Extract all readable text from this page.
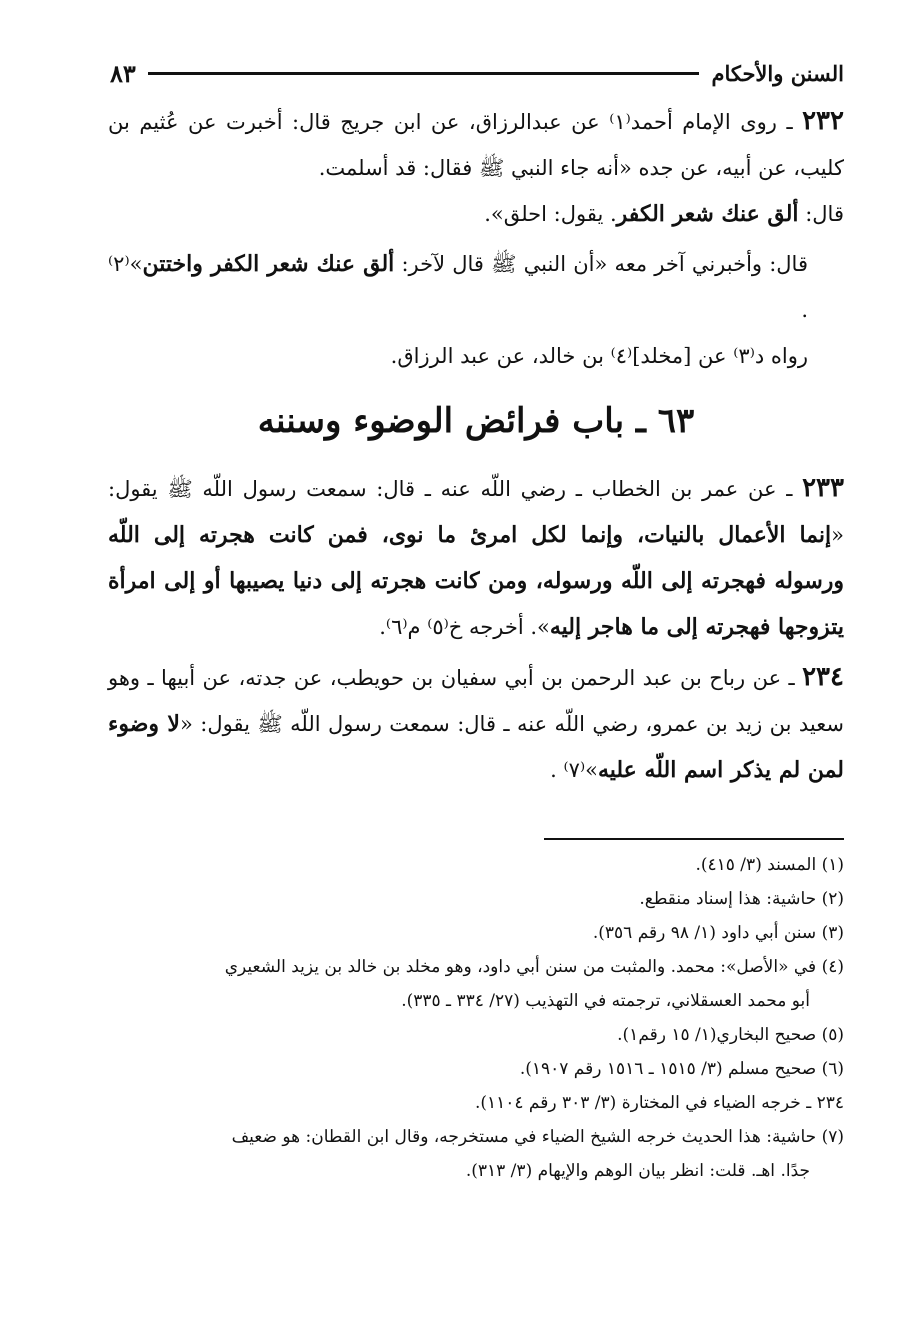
السنن والأحكام
٨٣

٢٣٢ ـ روى الإمام أحمد⁽١⁾ عن عبدالرزاق، عن ابن جريج قال: أخبرت عن عُثيم بن كليب، عن أبيه، عن جده «أنه جاء النبي ﷺ فقال: قد أسلمت.

قال: ألق عنك شعر الكفر. يقول: احلق».

قال: وأخبرني آخر معه «أن النبي ﷺ قال لآخر: ألق عنك شعر الكفر واختتن»⁽٢⁾ .

رواه د⁽٣⁾ عن [مخلد]⁽٤⁾ بن خالد، عن عبد الرزاق.

٦٣ ـ باب فرائض الوضوء وسننه

٢٣٣ ـ عن عمر بن الخطاب ـ رضي اللّه عنه ـ قال: سمعت رسول اللّه ﷺ يقول: «إنما الأعمال بالنيات، وإنما لكل امرئ ما نوى، فمن كانت هجرته إلى اللّه ورسوله فهجرته إلى اللّه ورسوله، ومن كانت هجرته إلى دنيا يصيبها أو إلى امرأة يتزوجها فهجرته إلى ما هاجر إليه». أخرجه خ⁽٥⁾ م⁽٦⁾.

٢٣٤ ـ عن رباح بن عبد الرحمن بن أبي سفيان بن حويطب، عن جدته، عن أبيها ـ وهو سعيد بن زيد بن عمرو، رضي اللّه عنه ـ قال: سمعت رسول اللّه ﷺ يقول: «لا وضوء لمن لم يذكر اسم اللّه عليه»⁽٧⁾ .

(١) المسند (٣/ ٤١٥).
(٢) حاشية: هذا إسناد منقطع.
(٣) سنن أبي داود (١/ ٩٨ رقم ٣٥٦).
(٤) في «الأصل»: محمد. والمثبت من سنن أبي داود، وهو مخلد بن خالد بن يزيد الشعيري
أبو محمد العسقلاني، ترجمته في التهذيب (٢٧/ ٣٣٤ ـ ٣٣٥).
(٥) صحيح البخاري(١/ ١٥ رقم١).
(٦) صحيح مسلم (٣/ ١٥١٥ ـ ١٥١٦ رقم ١٩٠٧).
٢٣٤ ـ خرجه الضياء في المختارة (٣/ ٣٠٣ رقم ١١٠٤).
(٧) حاشية: هذا الحديث خرجه الشيخ الضياء في مستخرجه، وقال ابن القطان: هو ضعيف
جدًا. اهـ. قلت: انظر بيان الوهم والإيهام (٣/ ٣١٣).
